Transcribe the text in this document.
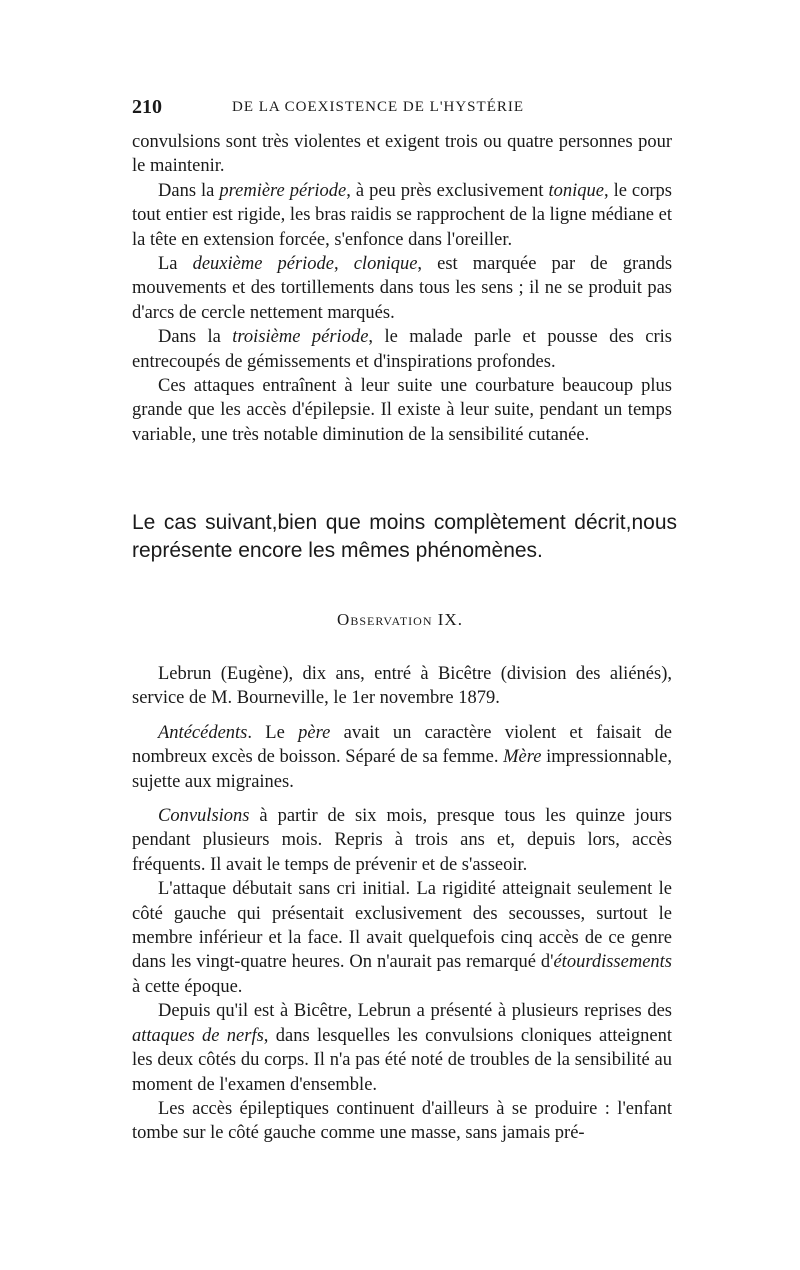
210	DE LA COEXISTENCE DE L'HYSTÉRIE

convulsions sont très violentes et exigent trois ou quatre personnes pour le maintenir.

Dans la première période, à peu près exclusivement tonique, le corps tout entier est rigide, les bras raidis se rapprochent de la ligne médiane et la tête en extension forcée, s'enfonce dans l'oreiller.

La deuxième période, clonique, est marquée par de grands mouvements et des tortillements dans tous les sens ; il ne se produit pas d'arcs de cercle nettement marqués.

Dans la troisième période, le malade parle et pousse des cris entrecoupés de gémissements et d'inspirations profondes.

Ces attaques entraînent à leur suite une courbature beaucoup plus grande que les accès d'épilepsie. Il existe à leur suite, pendant un temps variable, une très notable diminution de la sensibilité cutanée.

Le cas suivant,bien que moins complètement décrit,nous représente encore les mêmes phénomènes.
Observation IX.

Lebrun (Eugène), dix ans, entré à Bicêtre (division des aliénés), service de M. Bourneville, le 1er novembre 1879.

Antécédents. Le père avait un caractère violent et faisait de nombreux excès de boisson. Séparé de sa femme. Mère impressionnable, sujette aux migraines.

Convulsions à partir de six mois, presque tous les quinze jours pendant plusieurs mois. Repris à trois ans et, depuis lors, accès fréquents. Il avait le temps de prévenir et de s'asseoir.

L'attaque débutait sans cri initial. La rigidité atteignait seulement le côté gauche qui présentait exclusivement des secousses, surtout le membre inférieur et la face. Il avait quelquefois cinq accès de ce genre dans les vingt-quatre heures. On n'aurait pas remarqué d'étourdissements à cette époque.

Depuis qu'il est à Bicêtre, Lebrun a présenté à plusieurs reprises des attaques de nerfs, dans lesquelles les convulsions cloniques atteignent les deux côtés du corps. Il n'a pas été noté de troubles de la sensibilité au moment de l'examen d'ensemble.

Les accès épileptiques continuent d'ailleurs à se produire : l'enfant tombe sur le côté gauche comme une masse, sans jamais pré-
